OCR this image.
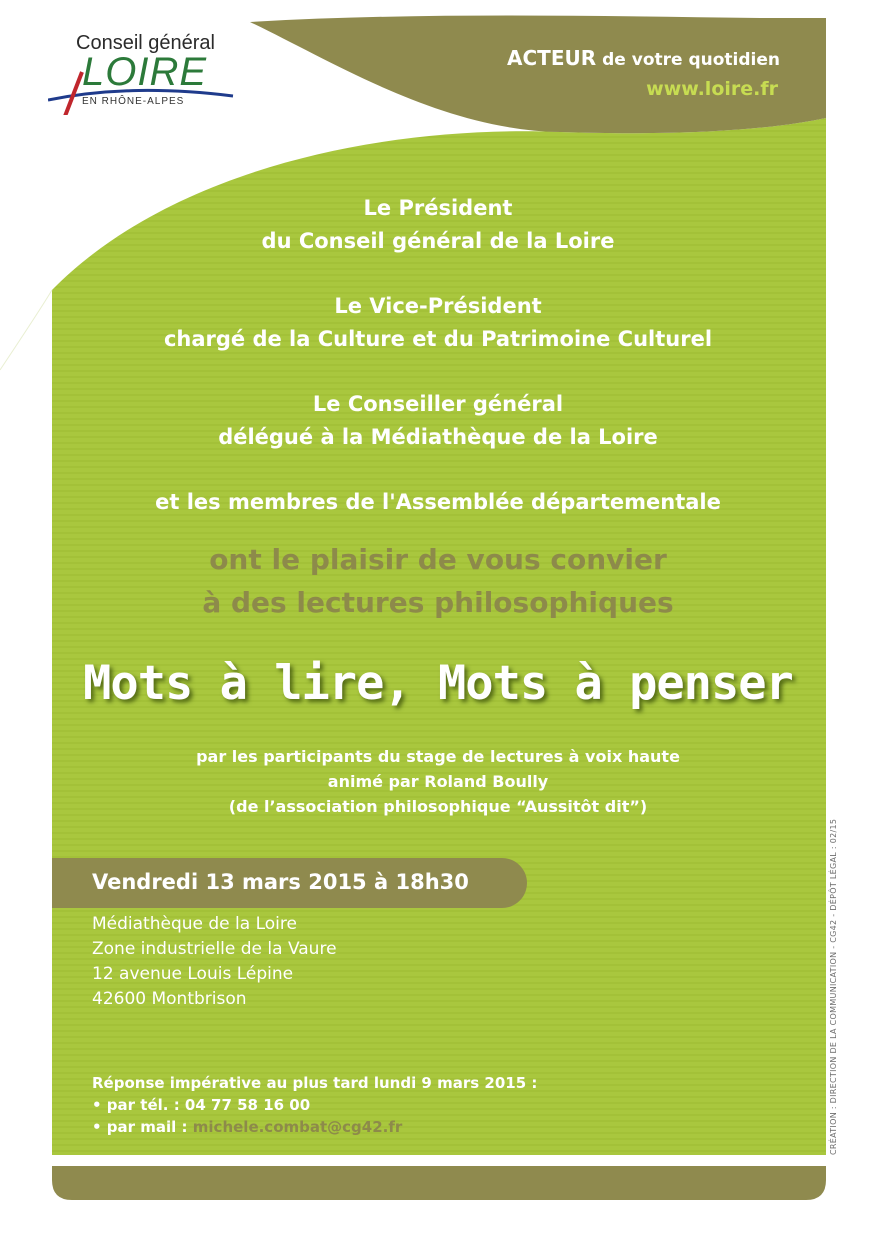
Conseil général
LOIRE
EN RHÔNE-ALPES
ACTEUR de votre quotidien
www.loire.fr
Le Président
du Conseil général de la Loire
Le Vice-Président
chargé de la Culture et du Patrimoine Culturel
Le Conseiller général
délégué à la Médiathèque de la Loire
et les membres de l'Assemblée départementale
ont le plaisir de vous convier
à des lectures philosophiques
Mots à lire, Mots à penser
par les participants du stage de lectures à voix haute
animé par Roland Boully
(de l’association philosophique “Aussitôt dit”)
Vendredi 13 mars 2015 à 18h30
Médiathèque de la Loire
Zone industrielle de la Vaure
12 avenue Louis Lépine
42600 Montbrison
Réponse impérative au plus tard lundi 9 mars 2015 :
• par tél. : 04 77 58 16 00
• par mail : michele.combat@cg42.fr	CRÉATION : DIRECTION DE LA COMMUNICATION - CG42 - DÉPÔT LÉGAL : 02/15
